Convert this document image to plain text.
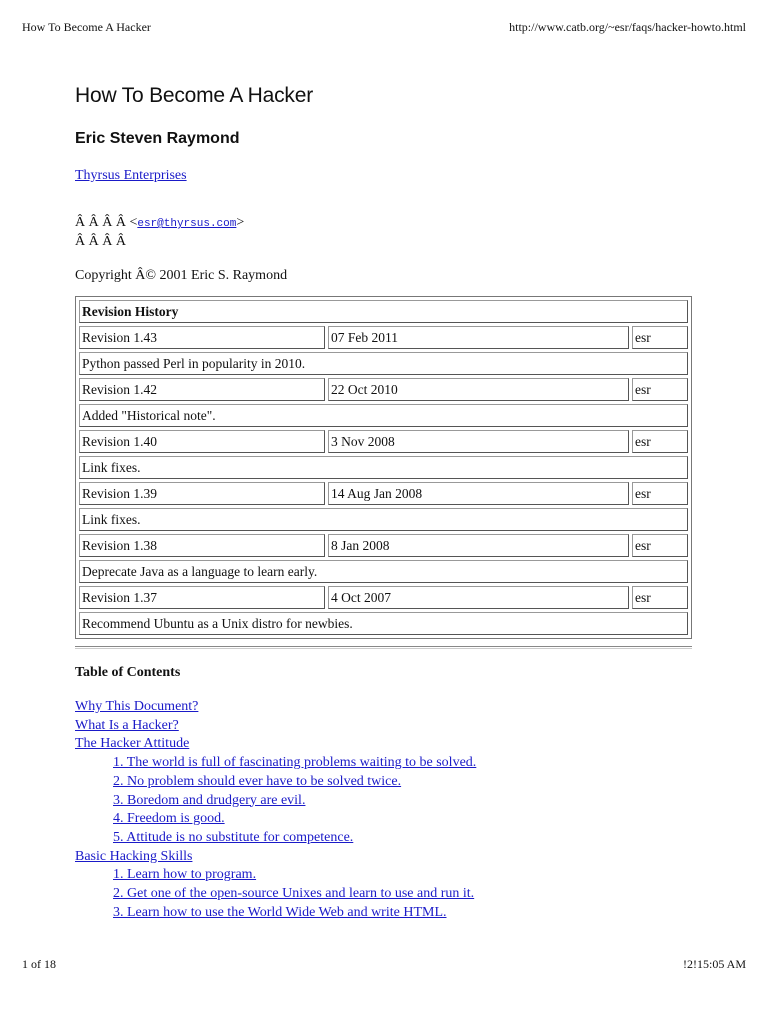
How To Become A Hacker	http://www.catb.org/~esr/faqs/hacker-howto.html
How To Become A Hacker
Eric Steven Raymond
Thyrsus Enterprises
Â Â Â Â <esr@thyrsus.com>
Â Â Â Â
Copyright Â© 2001 Eric S. Raymond
Revision History		
Revision 1.43	07 Feb 2011	esr
Python passed Perl in popularity in 2010.		
Revision 1.42	22 Oct 2010	esr
Added "Historical note".		
Revision 1.40	3 Nov 2008	esr
Link fixes.		
Revision 1.39	14 Aug Jan 2008	esr
Link fixes.		
Revision 1.38	8 Jan 2008	esr
Deprecate Java as a language to learn early.		
Revision 1.37	4 Oct 2007	esr
Recommend Ubuntu as a Unix distro for newbies.		
Table of Contents
Why This Document?
What Is a Hacker?
The Hacker Attitude
1. The world is full of fascinating problems waiting to be solved.
2. No problem should ever have to be solved twice.
3. Boredom and drudgery are evil.
4. Freedom is good.
5. Attitude is no substitute for competence.
Basic Hacking Skills
1. Learn how to program.
2. Get one of the open-source Unixes and learn to use and run it.
3. Learn how to use the World Wide Web and write HTML.
1 of 18	!2!15:05 AM
